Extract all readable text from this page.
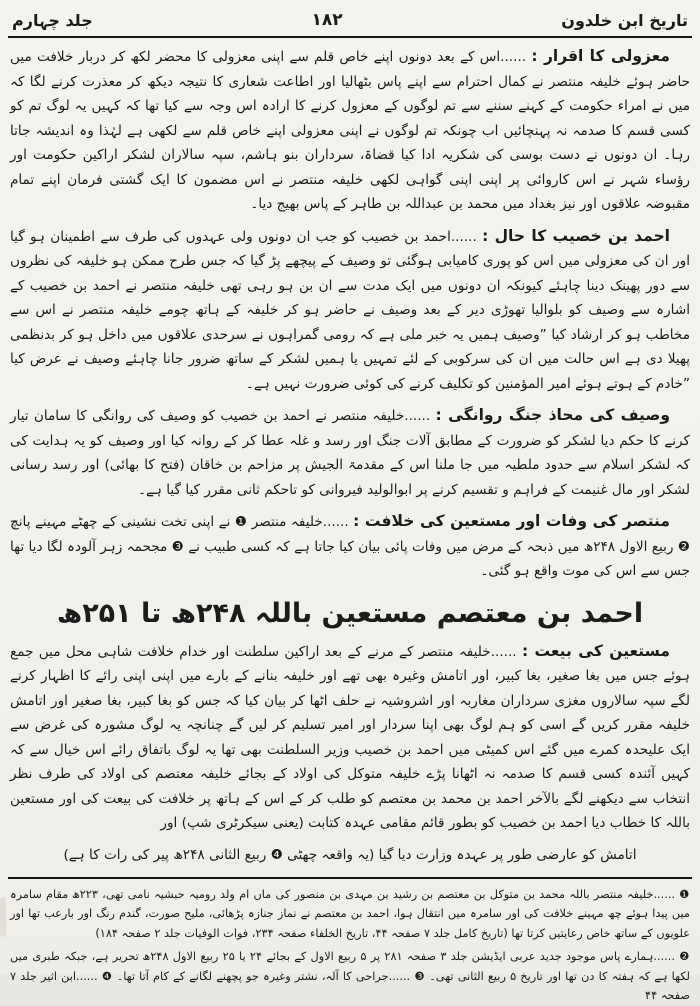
تاریخ ابن خلدون
۱۸۲
جلد چہارم
معزولی کا اقرار : ......اس کے بعد دونوں اپنے خاص قلم سے اپنی معزولی کا محضر لکھ کر دربار خلافت میں حاضر ہوئے خلیفہ منتصر نے کمال احترام سے اپنے پاس بٹھالیا اور اطاعت شعاری کا نتیجہ دیکھ کر معذرت کرنے لگا کہ میں نے امراء حکومت کے کہنے سننے سے تم لوگوں کے معزول کرنے کا ارادہ اس وجہ سے کیا تھا کہ کہیں یہ لوگ تم کو کسی قسم کا صدمہ نہ پہنچائیں اب چونکہ تم لوگوں نے اپنی معزولی اپنے خاص قلم سے لکھی ہے لہٰذا وہ اندیشہ جاتا رہا۔ ان دونوں نے دست بوسی کی شکریہ ادا کیا قضاۃ، سرداران بنو ہاشم، سپہ سالاران لشکر اراکین حکومت اور رؤساء شہر نے اس کاروائی پر اپنی اپنی گواہی لکھی خلیفہ منتصر نے اس مضمون کا ایک گشتی فرمان اپنے تمام مقبوضہ علاقوں اور نیز بغداد میں محمد بن عبداللہ بن طاہر کے پاس بھیج دیا۔
احمد بن خصیب کا حال : ......احمد بن خصیب کو جب ان دونوں ولی عہدوں کی طرف سے اطمینان ہو گیا اور ان کی معزولی میں اس کو پوری کامیابی ہوگئی تو وصیف کے پیچھے پڑ گیا کہ جس طرح ممکن ہو خلیفہ کی نظروں سے دور پھینک دینا چاہئے کیونکہ ان دونوں میں ایک مدت سے ان بن ہو رہی تھی خلیفہ منتصر نے احمد بن خصیب کے اشارہ سے وصیف کو بلوالیا تھوڑی دیر کے بعد وصیف نے حاضر ہو کر خلیفہ کے ہاتھ چومے خلیفہ منتصر نے اس سے مخاطب ہو کر ارشاد کیا ”وصیف ہمیں یہ خبر ملی ہے کہ رومی گمراہوں نے سرحدی علاقوں میں داخل ہو کر بدنظمی پھیلا دی ہے اس حالت میں ان کی سرکوبی کے لئے تمہیں یا ہمیں لشکر کے ساتھ ضرور جانا چاہئے وصیف نے عرض کیا ”خادم کے ہوتے ہوئے امیر المؤمنین کو تکلیف کرنے کی کوئی ضرورت نہیں ہے۔
وصیف کی محاذ جنگ روانگی : ......خلیفہ منتصر نے احمد بن خصیب کو وصیف کی روانگی کا سامان تیار کرنے کا حکم دیا لشکر کو ضرورت کے مطابق آلات جنگ اور رسد و غلہ عطا کر کے روانہ کیا اور وصیف کو یہ ہدایت کی کہ لشکر اسلام سے حدود ملطیہ میں جا ملنا اس کے مقدمۃ الجیش پر مزاحم بن خاقان (فتح کا بھائی) اور رسد رسانی لشکر اور مال غنیمت کے فراہم و تقسیم کرنے پر ابوالولید فیروانی کو تاحکم ثانی مقرر کیا گیا ہے۔
منتصر کی وفات اور مستعین کی خلافت : ......خلیفہ منتصر ❶ نے اپنی تخت نشینی کے چھٹے مہینے پانچ ❷ ربیع الاول ۲۴۸ھ میں ذبحہ کے مرض میں وفات پائی بیان کیا جاتا ہے کہ کسی طبیب نے ❸ مجحمہ زہر آلودہ لگا دیا تھا جس سے اس کی موت واقع ہو گئی۔
احمد بن معتصم مستعین باللہ ۲۴۸ھ تا ۲۵۱ھ
مستعین کی بیعت : ......خلیفہ منتصر کے مرنے کے بعد اراکین سلطنت اور خدام خلافت شاہی محل میں جمع ہوئے جس میں بغا صغیر، بغا کبیر، اور اتامش وغیرہ بھی تھے اور خلیفہ بنانے کے بارے میں اپنی اپنی رائے کا اظہار کرنے لگے سپہ سالاروں مغزی سرداران مغاربہ اور اشروشیہ نے حلف اٹھا کر بیان کیا کہ جس کو بغا کبیر، بغا صغیر اور اتامش خلیفہ مقرر کریں گے اسی کو ہم لوگ بھی اپنا سردار اور امیر تسلیم کر لیں گے چنانچہ یہ لوگ مشورہ کی غرض سے ایک علیحدہ کمرے میں گئے اس کمیٹی میں احمد بن خصیب وزیر السلطنت بھی تھا یہ لوگ باتفاق رائے اس خیال سے کہ کہیں آئندہ کسی قسم کا صدمہ نہ اٹھانا پڑے خلیفہ متوکل کی اولاد کے بجائے خلیفہ معتصم کی اولاد کی طرف نظر انتخاب سے دیکھنے لگے بالآخر احمد بن محمد بن معتصم کو طلب کر کے اس کے ہاتھ پر خلافت کی بیعت کی اور مستعین باللہ کا خطاب دیا احمد بن خصیب کو بطور قائم مقامی عہدہ کتابت (یعنی سیکرٹری شپ) اور
اتامش کو عارضی طور پر عہدہ وزارت دیا گیا (یہ واقعہ چھٹی ❹ ربیع الثانی ۲۴۸ھ پیر کی رات کا ہے)
❶ ......خلیفہ منتصر باللہ محمد بن متوکل بن معتصم بن رشید بن مہدی بن منصور کی ماں ام ولد رومیہ حبشیہ نامی تھی، ۲۲۳ھ مقام سامرہ میں پیدا ہوئے چھ مہینے خلافت کی اور سامرہ میں انتقال ہوا، احمد بن معتصم نے نماز جنازہ پڑھائی، ملیح صورت، گندم رنگ اور بارعب تھا اور علویوں کے ساتھ خاص رعایتیں کرتا تھا (تاریخ کامل جلد ۷ صفحہ ۴۴، تاریخ الخلفاء صفحہ ۲۳۴، فوات الوفیات جلد ۲ صفحہ ۱۸۴)
❷ ......ہمارے پاس موجود جدید عربی ایڈیشن جلد ۳ صفحہ ۲۸۱ پر ۵ ربیع الاول کے بجائے ۲۴ یا ۲۵ ربیع الاول ۲۴۸ھ تحریر ہے، جبکہ طبری میں لکھا ہے کہ ہفتہ کا دن تھا اور تاریخ ۵ ربیع الثانی تھی۔ ❸ ......جراحی کا آلہ، نشتر وغیرہ جو پچھنے لگانے کے کام آتا تھا۔ ❹ ......ابن اثیر جلد ۷ صفحہ ۴۴
